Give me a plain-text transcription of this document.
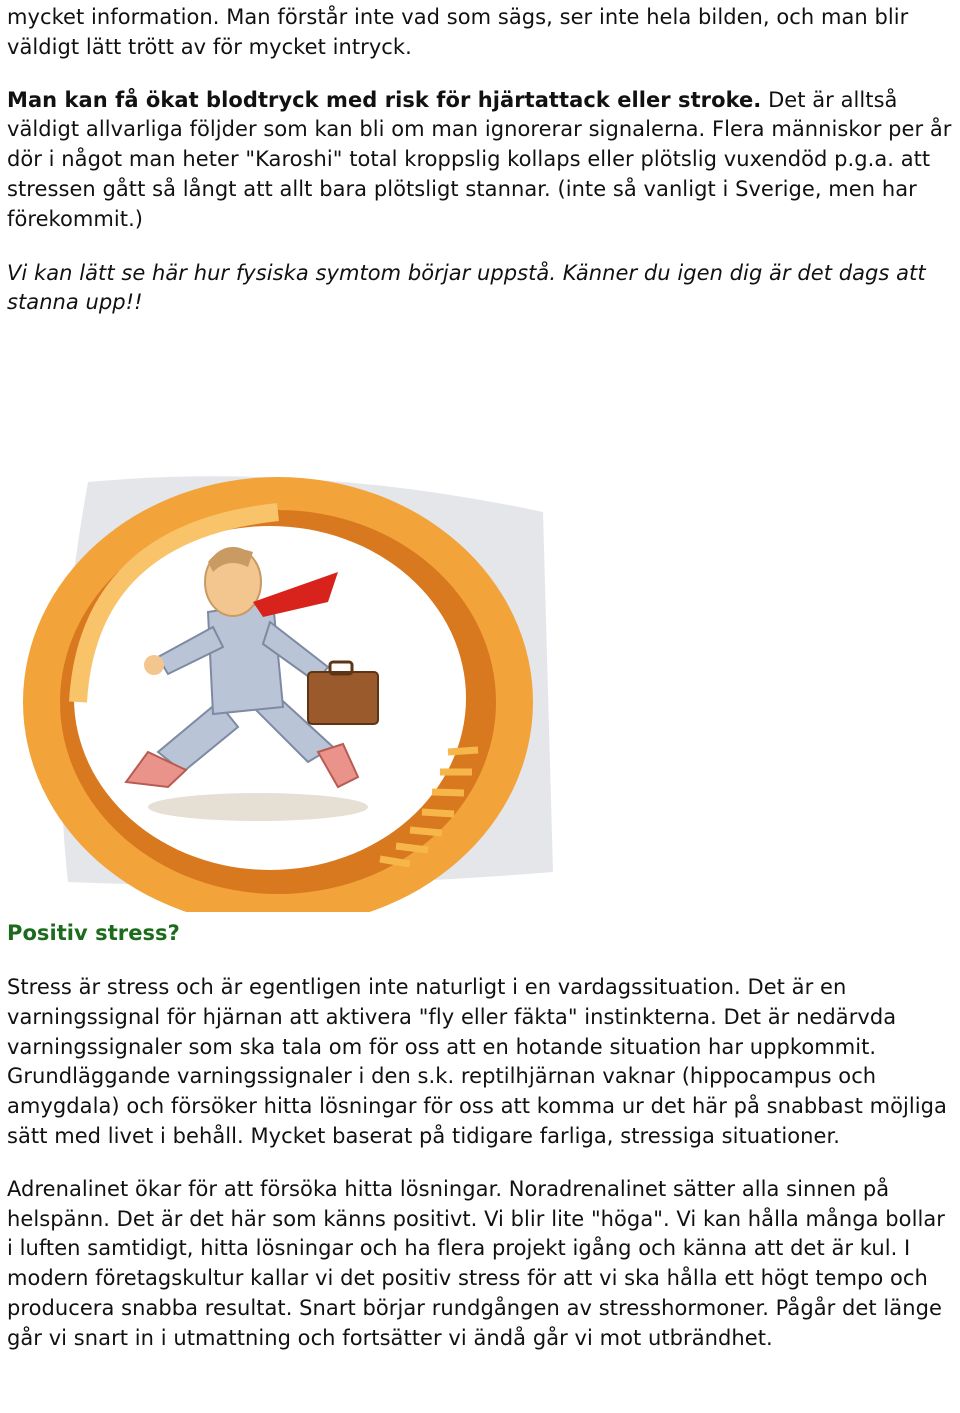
mycket information. Man förstår inte vad som sägs, ser inte hela bilden, och man blir väldigt lätt trött av för mycket intryck.

Man kan få ökat blodtryck med risk för hjärtattack eller stroke. Det är alltså väldigt allvarliga följder som kan bli om man ignorerar signalerna. Flera människor per år dör i något man heter "Karoshi" total kroppslig kollaps eller plötslig vuxendöd p.g.a. att stressen gått så långt att allt bara plötsligt stannar. (inte så vanligt i Sverige, men har förekommit.)

Vi kan lätt se här hur fysiska symtom börjar uppstå. Känner du igen dig är det dags att stanna upp!!

Positiv stress?

Stress är stress och är egentligen inte naturligt i en vardagssituation. Det är en varningssignal för hjärnan att aktivera "fly eller fäkta" instinkterna. Det är nedärvda varningssignaler som ska tala om för oss att en hotande situation har uppkommit. Grundläggande varningssignaler i den s.k. reptilhjärnan vaknar (hippocampus och amygdala) och försöker hitta lösningar för oss att komma ur det här på snabbast möjliga sätt med livet i behåll. Mycket baserat på tidigare farliga, stressiga situationer.

Adrenalinet ökar för att försöka hitta lösningar. Noradrenalinet sätter alla sinnen på helspänn. Det är det här som känns positivt. Vi blir lite "höga". Vi kan hålla många bollar i luften samtidigt, hitta lösningar och ha flera projekt igång och känna att det är kul. I modern företagskultur kallar vi det positiv stress för att vi ska hålla ett högt tempo och producera snabba resultat. Snart börjar rundgången av stresshormoner. Pågår det länge går vi snart in i utmattning och fortsätter vi ändå går vi mot utbrändhet.
